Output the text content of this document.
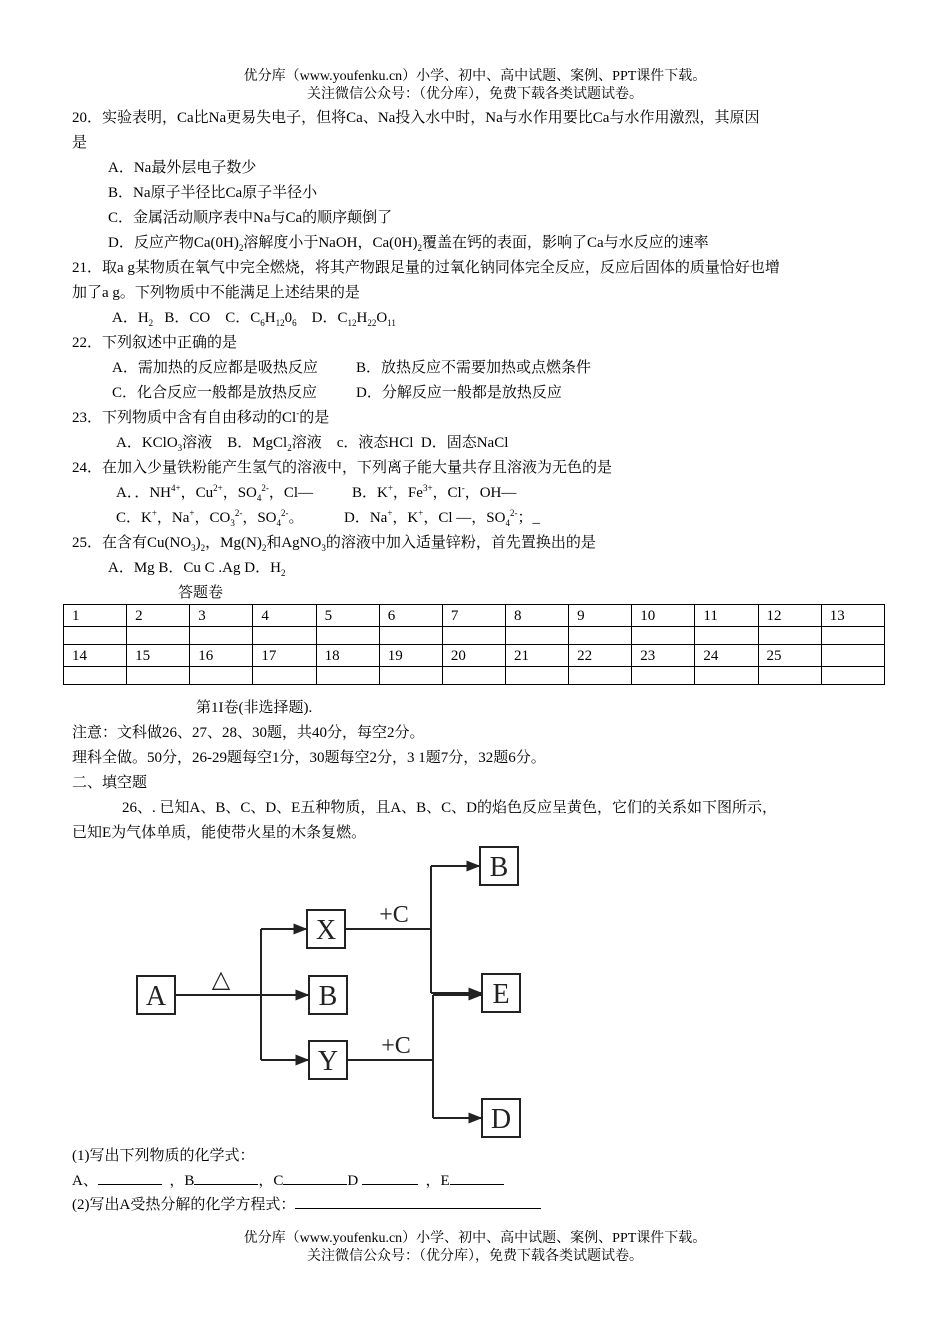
优分库（www.youfenku.cn）小学、初中、高中试题、案例、PPT课件下载。
关注微信公众号：（优分库），免费下载各类试题试卷。
20．实验表明，Ca比Na更易失电子，但将Ca、Na投入水中时，Na与水作用要比Ca与水作用激烈，其原因
是
A．Na最外层电子数少
B．Na原子半径比Ca原子半径小
C．金属活动顺序表中Na与Ca的顺序颠倒了
D．反应产物$Ca(0H)_2$溶解度小于NaOH，$Ca(0H)_2$覆盖在钙的表面，影响了Ca与水反应的速率
21．取a g某物质在氧气中完全燃烧，将其产物跟足量的过氧化钠同体完全反应，反应后固体的质量恰好也增
加了a g。下列物质中不能满足上述结果的是
A．$H_2$ B．CO C．$C_6H_{12}0_6$ D．$C_{12}H_{22}O_{11}$
22．下列叙述中正确的是
A．需加热的反应都是吸热反应	B．放热反应不需要加热或点燃条件
C．化合反应一般都是放热反应	D．分解反应一般都是放热反应
23．下列物质中含有自由移动的Cl-的是
A．KClO$_3$溶液 B．MgCl$_2$溶液 c．液态HCl D．固态NaCl
24．在加入少量铁粉能产生氢气的溶液中，下列离子能大量共存且溶液为无色的是
A．．$NH^{4+}$，$Cu^{2+}$，$SO_4^{2-}$，Cl—	B．K+，$Fe^{3+}$，Cl-，OH—
C．K+，Na+，$CO_3^{2-}$，$SO_4^{2-}$。	D．Na+，K+，Cl —，$SO_4^{2-}$；_
25．在含有$Cu(NO_3)_2$，$Mg(N)_2$和AgNO$_3$的溶液中加入适量锌粉，首先置换出的是
A．Mg B．Cu C .Ag D．$H_2$
答题卷
1	2	3	4	5	6	7	8	9	10	11	12	13

14	15	16	17	18	19	20	21	22	23	24	25	

第1I卷(非选择题).
注意：文科做26、27、28、30题，共40分，每空2分。
理科全做。50分，26-29题每空1分，30题每空2分，3 1题7分，32题6分。
二、填空题
26、. 已知A、B、C、D、E五种物质，且A、B、C、D的焰色反应呈黄色，它们的关系如下图所示，
已知E为气体单质，能使带火星的木条复燃。
A
X
B
Y
B
E
D
△
+C
+C
(1)写出下列物质的化学式：
A、	，B	，C	D	，E
(2)写出A受热分解的化学方程式：
优分库（www.youfenku.cn）小学、初中、高中试题、案例、PPT课件下载。
关注微信公众号：（优分库），免费下载各类试题试卷。
